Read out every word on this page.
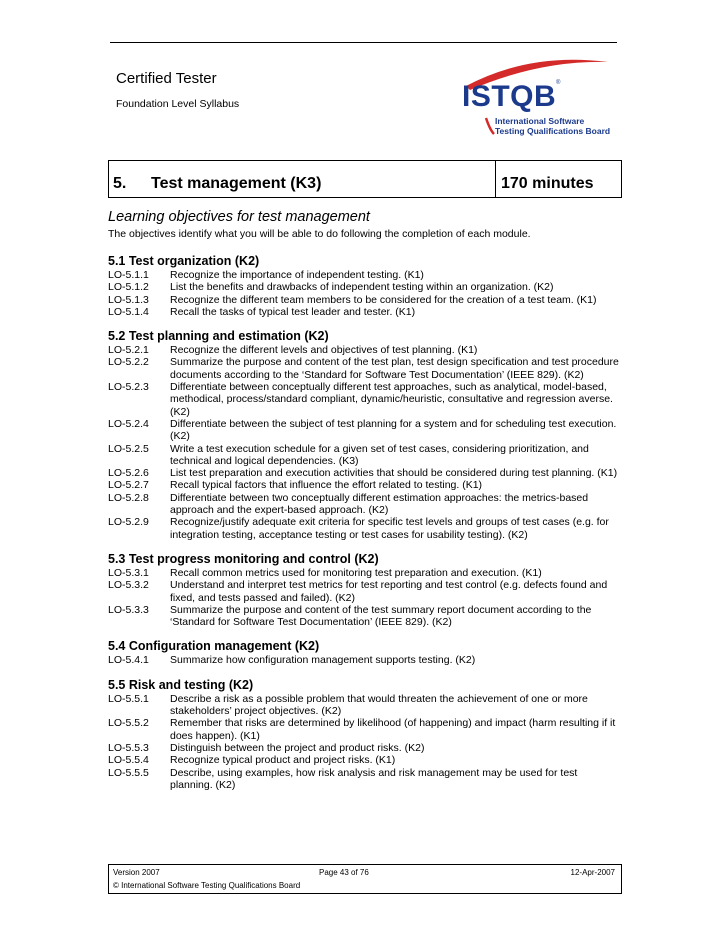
Certified Tester
Foundation Level Syllabus	ISTQB ®
International Software
Testing Qualifications Board
5. Test management (K3)	170 minutes

Learning objectives for test management

The objectives identify what you will be able to do following the completion of each module.

5.1 Test organization (K2)

LO-5.1.1	Recognize the importance of independent testing. (K1)
LO-5.1.2	List the benefits and drawbacks of independent testing within an organization. (K2)
LO-5.1.3	Recognize the different team members to be considered for the creation of a test team. (K1)
LO-5.1.4	Recall the tasks of typical test leader and tester. (K1)

5.2 Test planning and estimation (K2)

LO-5.2.1	Recognize the different levels and objectives of test planning. (K1)
LO-5.2.2	Summarize the purpose and content of the test plan, test design specification and test procedure documents according to the ‘Standard for Software Test Documentation’ (IEEE 829). (K2)
LO-5.2.3	Differentiate between conceptually different test approaches, such as analytical, model-based, methodical, process/standard compliant, dynamic/heuristic, consultative and regression averse. (K2)
LO-5.2.4	Differentiate between the subject of test planning for a system and for scheduling test execution. (K2)
LO-5.2.5	Write a test execution schedule for a given set of test cases, considering prioritization, and technical and logical dependencies. (K3)
LO-5.2.6	List test preparation and execution activities that should be considered during test planning. (K1)
LO-5.2.7	Recall typical factors that influence the effort related to testing. (K1)
LO-5.2.8	Differentiate between two conceptually different estimation approaches: the metrics-based approach and the expert-based approach. (K2)
LO-5.2.9	Recognize/justify adequate exit criteria for specific test levels and groups of test cases (e.g. for integration testing, acceptance testing or test cases for usability testing). (K2)

5.3 Test progress monitoring and control (K2)

LO-5.3.1	Recall common metrics used for monitoring test preparation and execution. (K1)
LO-5.3.2	Understand and interpret test metrics for test reporting and test control (e.g. defects found and fixed, and tests passed and failed). (K2)
LO-5.3.3	Summarize the purpose and content of the test summary report document according to the ‘Standard for Software Test Documentation’ (IEEE 829). (K2)

5.4 Configuration management (K2)

LO-5.4.1	Summarize how configuration management supports testing. (K2)

5.5 Risk and testing (K2)

LO-5.5.1	Describe a risk as a possible problem that would threaten the achievement of one or more stakeholders’ project objectives. (K2)
LO-5.5.2	Remember that risks are determined by likelihood (of happening) and impact (harm resulting if it does happen). (K1)
LO-5.5.3	Distinguish between the project and product risks. (K2)
LO-5.5.4	Recognize typical product and project risks. (K1)
LO-5.5.5	Describe, using examples, how risk analysis and risk management may be used for test planning. (K2)
Version 2007	Page 43 of 76	12-Apr-2007
© International Software Testing Qualifications Board
